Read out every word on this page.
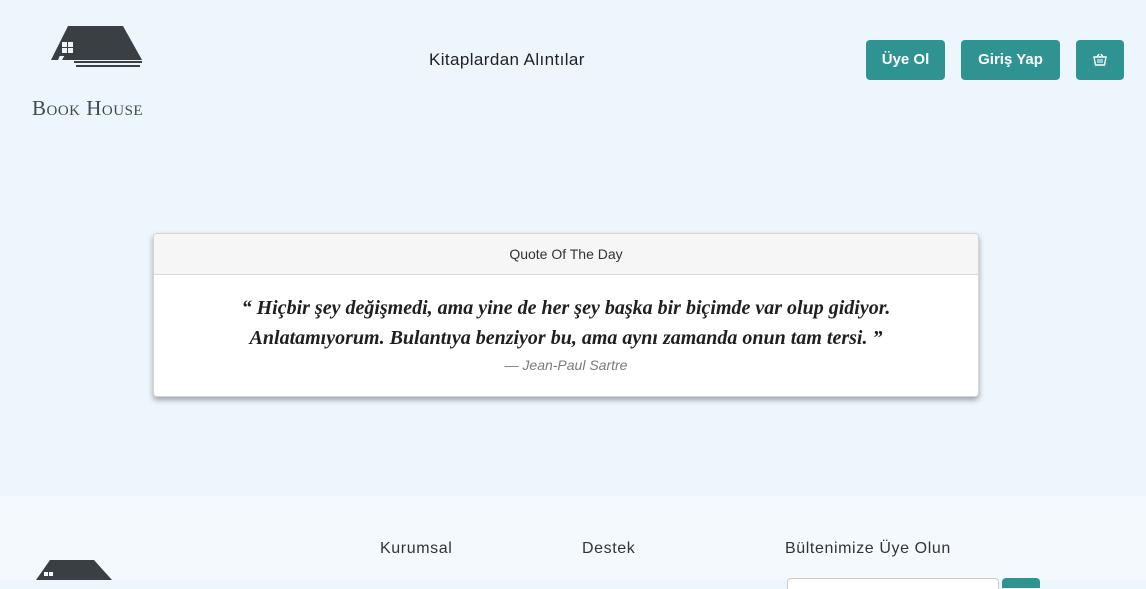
Book House
Kitaplardan Alıntılar	Üye Ol	Giriş Yap
Quote Of The Day
“ Hiçbir şey değişmedi, ama yine de her şey başka bir biçimde var olup gidiyor. Anlatamıyorum. Bulantıya benziyor bu, ama aynı zamanda onun tam tersi. ”
— Jean-Paul Sartre
Kurumsal	Destek	Bültenimize Üye Olun
